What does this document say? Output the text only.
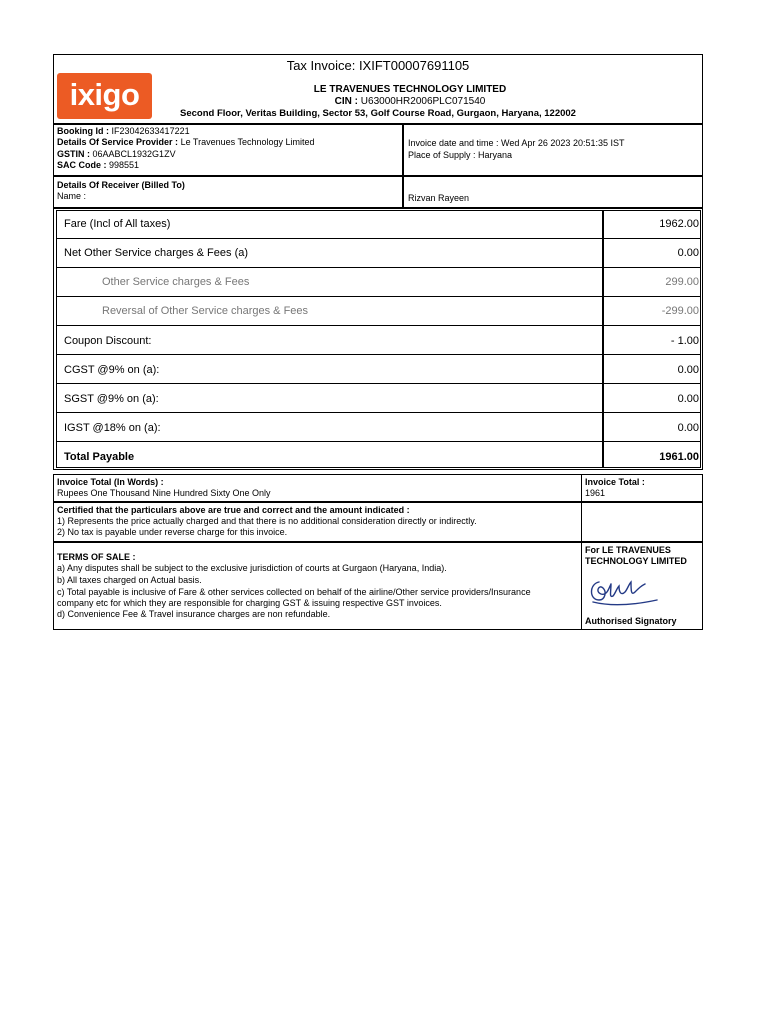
Tax Invoice: IXIFT00007691105
ixigo	LE TRAVENUES TECHNOLOGY LIMITED
CIN : U63000HR2006PLC071540
Second Floor, Veritas Building, Sector 53, Golf Course Road, Gurgaon, Haryana, 122002
Booking Id : IF23042633417221
Details Of Service Provider : Le Travenues Technology Limited
GSTIN : 06AABCL1932G1ZV
SAC Code : 998551
Invoice date and time : Wed Apr 26 2023 20:51:35 IST
Place of Supply : Haryana
Details Of Receiver (Billed To)
Name :	Rizvan Rayeen
Fare (Incl of All taxes)	1962.00
Net Other Service charges & Fees (a)	0.00
Other Service charges & Fees	299.00
Reversal of Other Service charges & Fees	-299.00
Coupon Discount:	- 1.00
CGST @9% on (a):	0.00
SGST @9% on (a):	0.00
IGST @18% on (a):	0.00
Total Payable	1961.00
Invoice Total (In Words) :
Rupees One Thousand Nine Hundred Sixty One Only
Invoice Total :
1961
Certified that the particulars above are true and correct and the amount indicated :
1) Represents the price actually charged and that there is no additional consideration directly or indirectly.
2) No tax is payable under reverse charge for this invoice.
TERMS OF SALE :
a) Any disputes shall be subject to the exclusive jurisdiction of courts at Gurgaon (Haryana, India).
b) All taxes charged on Actual basis.
c) Total payable is inclusive of Fare & other services collected on behalf of the airline/Other service providers/Insurance
company etc for which they are responsible for charging GST & issuing respective GST invoices.
d) Convenience Fee & Travel insurance charges are non refundable.
For LE TRAVENUES
TECHNOLOGY LIMITED
Authorised Signatory
